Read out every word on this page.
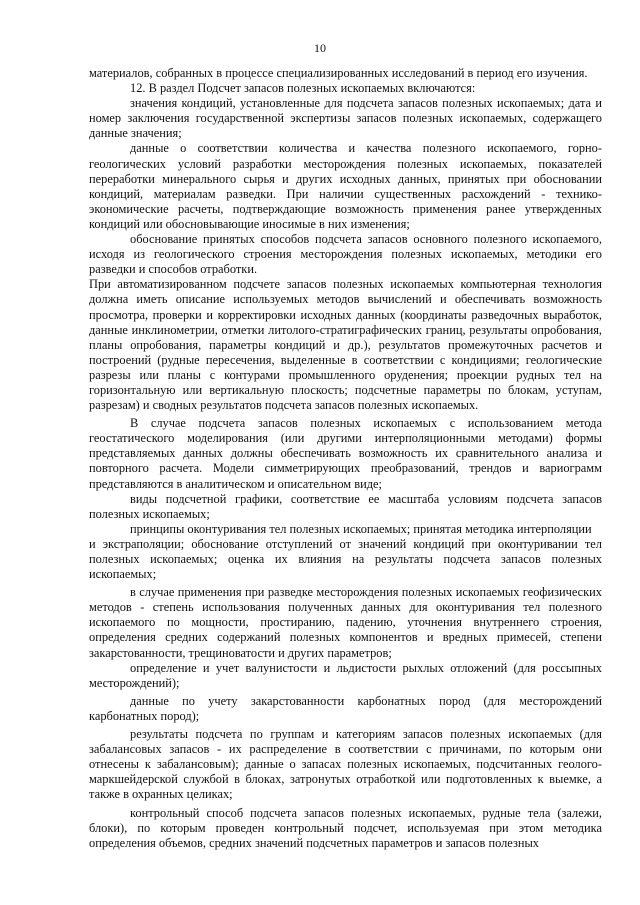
10

материалов, собранных в процессе специализированных исследований в период его изучения.

12. В раздел Подсчет запасов полезных ископаемых включаются:

значения кондиций, установленные для подсчета запасов полезных ископаемых; дата и номер заключения государственной экспертизы запасов полезных ископаемых, содержащего данные значения;

данные о соответствии количества и качества полезного ископаемого, горно-геологических условий разработки месторождения полезных ископаемых, показателей переработки минерального сырья и других исходных данных, принятых при обосновании кондиций, материалам разведки. При наличии существенных расхождений - технико-экономические расчеты, подтверждающие возможность применения ранее утвержденных кондиций или обосновывающие иносимые в них изменения;

обоснование принятых способов подсчета запасов основного полезного ископаемого, исходя из геологического строения месторождения полезных ископаемых, методики его разведки и способов отработки.

При автоматизированном подсчете запасов полезных ископаемых компьютерная технология должна иметь описание используемых методов вычислений и обеспечивать возможность просмотра, проверки и корректировки исходных данных (координаты разведочных выработок, данные инклинометрии, отметки литолого-стратиграфических границ, результаты опробования, планы опробования, параметры кондиций и др.), результатов промежуточных расчетов и построений (рудные пересечения, выделенные в соответствии с кондициями; геологические разрезы или планы с контурами промышленного оруденения; проекции рудных тел на горизонтальную или вертикальную плоскость; подсчетные параметры по блокам, уступам, разрезам) и сводных результатов подсчета запасов полезных ископаемых.

В случае подсчета запасов полезных ископаемых с использованием метода геостатического моделирования (или другими интерполяционными методами) формы представляемых данных должны обеспечивать возможность их сравнительного анализа и повторного расчета. Модели симметрирующих преобразований, трендов и вариограмм представляются в аналитическом и описательном виде;

виды подсчетной графики, соответствие ее масштаба условиям подсчета запасов полезных ископаемых;

принципы оконтуривания тел полезных ископаемых; принятая методика интерполяции

и экстраполяции; обоснование отступлений от значений кондиций при оконтуривании тел полезных ископаемых; оценка их влияния на результаты подсчета запасов полезных ископаемых;

в случае применения при разведке месторождения полезных ископаемых геофизических методов - степень использования полученных данных для оконтуривания тел полезного ископаемого по мощности, простиранию, падению, уточнения внутреннего строения, определения средних содержаний полезных компонентов и вредных примесей, степени закарстованности, трещиноватости и других параметров;

определение и учет валунистости и льдистости рыхлых отложений (для россыпных месторождений);

данные по учету закарстованности карбонатных пород (для месторождений карбонатных пород);

результаты подсчета по группам и категориям запасов полезных ископаемых (для забалансовых запасов - их распределение в соответствии с причинами, по которым они отнесены к забалансовым); данные о запасах полезных ископаемых, подсчитанных геолого-маркшейдерской службой в блоках, затронутых отработкой или подготовленных к выемке, а также в охранных целиках;

контрольный способ подсчета запасов полезных ископаемых, рудные тела (залежи, блоки), по которым проведен контрольный подсчет, используемая при этом методика определения объемов, средних значений подсчетных параметров и запасов полезных
